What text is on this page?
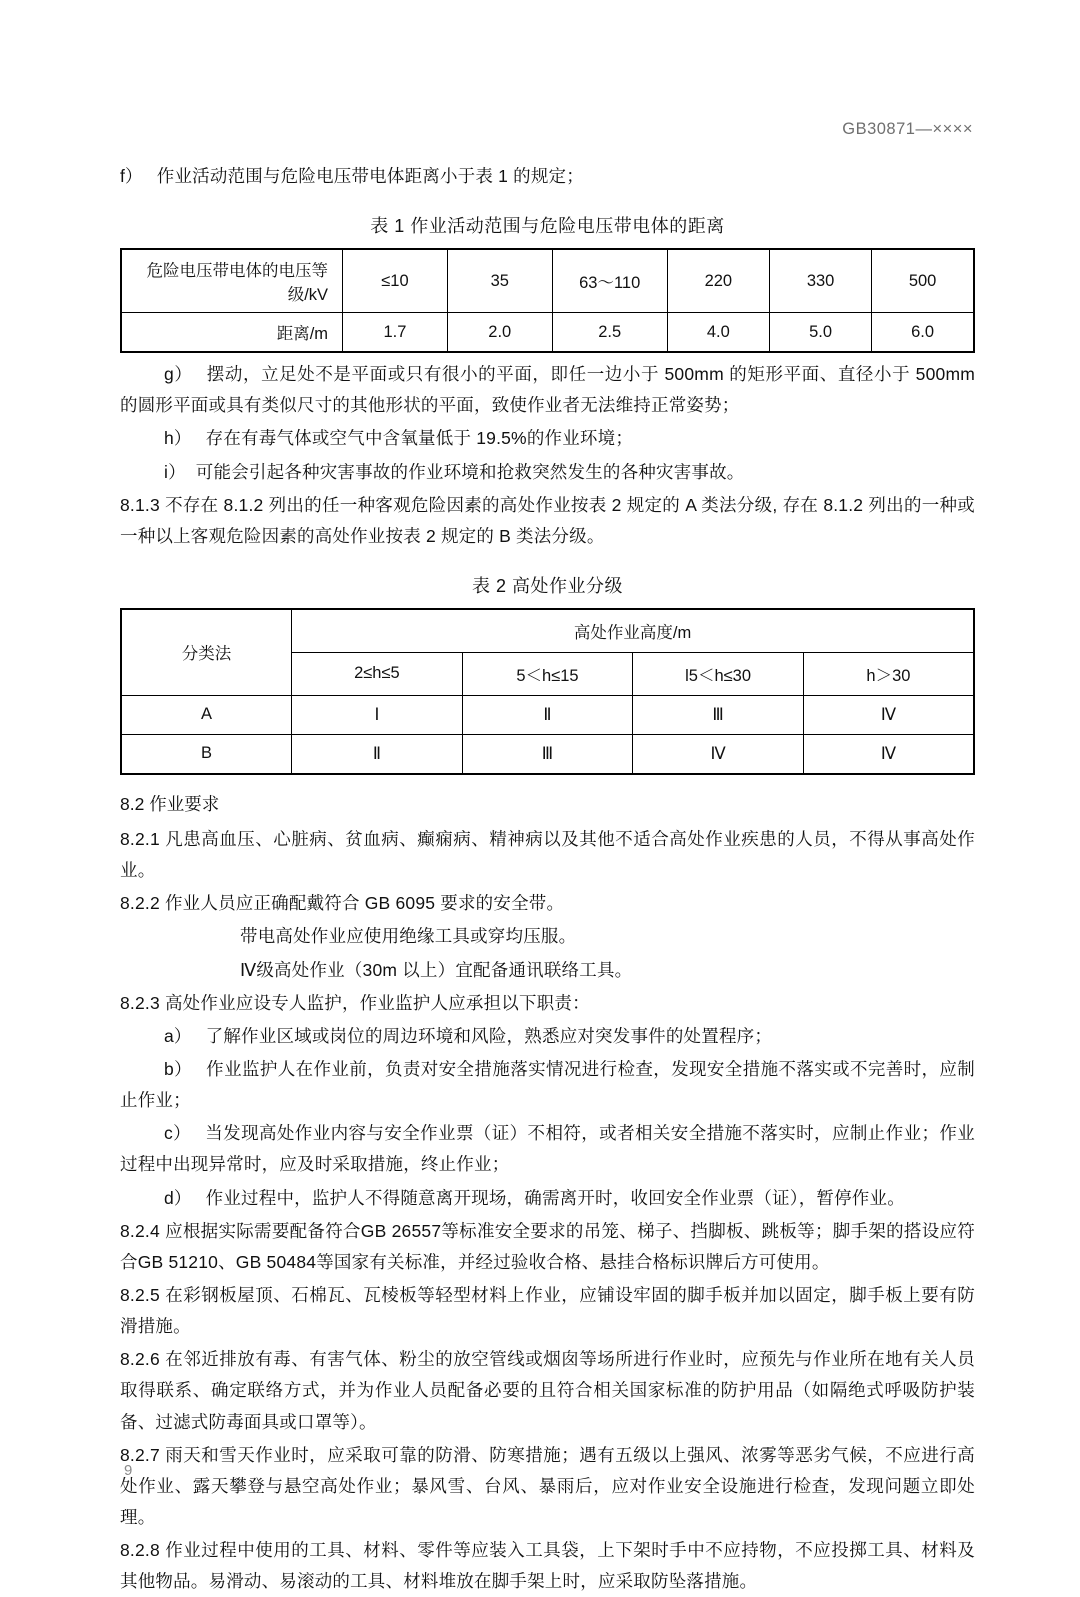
GB30871—××××
f） 作业活动范围与危险电压带电体距离小于表 1 的规定；
表 1 作业活动范围与危险电压带电体的距离
危险电压带电体的电压等级/kV	≤10	35	63～110	220	330	500
距离/m	1.7	2.0	2.5	4.0	5.0	6.0
g） 摆动，立足处不是平面或只有很小的平面，即任一边小于 500mm 的矩形平面、直径小于 500mm 的圆形平面或具有类似尺寸的其他形状的平面，致使作业者无法维持正常姿势；
h） 存在有毒气体或空气中含氧量低于 19.5%的作业环境；
i） 可能会引起各种灾害事故的作业环境和抢救突然发生的各种灾害事故。
8.1.3 不存在 8.1.2 列出的任一种客观危险因素的高处作业按表 2 规定的 A 类法分级, 存在 8.1.2 列出的一种或一种以上客观危险因素的高处作业按表 2 规定的 B 类法分级。
表 2 高处作业分级
分类法	高处作业高度/m			
	2≤h≤5	5＜h≤15	l5＜h≤30	h＞30
A	Ⅰ	Ⅱ	Ⅲ	Ⅳ
B	Ⅱ	Ⅲ	Ⅳ	Ⅳ
8.2 作业要求
8.2.1 凡患高血压、心脏病、贫血病、癫痫病、精神病以及其他不适合高处作业疾患的人员，不得从事高处作业。
8.2.2 作业人员应正确配戴符合 GB 6095 要求的安全带。
带电高处作业应使用绝缘工具或穿均压服。
Ⅳ级高处作业（30m 以上）宜配备通讯联络工具。
8.2.3 高处作业应设专人监护，作业监护人应承担以下职责：
a） 了解作业区域或岗位的周边环境和风险，熟悉应对突发事件的处置程序；
b） 作业监护人在作业前，负责对安全措施落实情况进行检查，发现安全措施不落实或不完善时，应制止作业；
c） 当发现高处作业内容与安全作业票（证）不相符，或者相关安全措施不落实时，应制止作业；作业过程中出现异常时，应及时采取措施，终止作业；
d） 作业过程中，监护人不得随意离开现场，确需离开时，收回安全作业票（证），暂停作业。
8.2.4 应根据实际需要配备符合GB 26557等标准安全要求的吊笼、梯子、挡脚板、跳板等；脚手架的搭设应符合GB 51210、GB 50484等国家有关标准，并经过验收合格、悬挂合格标识牌后方可使用。
8.2.5 在彩钢板屋顶、石棉瓦、瓦棱板等轻型材料上作业，应铺设牢固的脚手板并加以固定，脚手板上要有防滑措施。
8.2.6 在邻近排放有毒、有害气体、粉尘的放空管线或烟囱等场所进行作业时，应预先与作业所在地有关人员取得联系、确定联络方式，并为作业人员配备必要的且符合相关国家标准的防护用品（如隔绝式呼吸防护装备、过滤式防毒面具或口罩等）。
8.2.7 雨天和雪天作业时，应采取可靠的防滑、防寒措施；遇有五级以上强风、浓雾等恶劣气候，不应进行高处作业、露天攀登与悬空高处作业；暴风雪、台风、暴雨后，应对作业安全设施进行检查，发现问题立即处理。
8.2.8 作业过程中使用的工具、材料、零件等应装入工具袋，上下架时手中不应持物，不应投掷工具、材料及其他物品。易滑动、易滚动的工具、材料堆放在脚手架上时，应采取防坠落措施。
9
